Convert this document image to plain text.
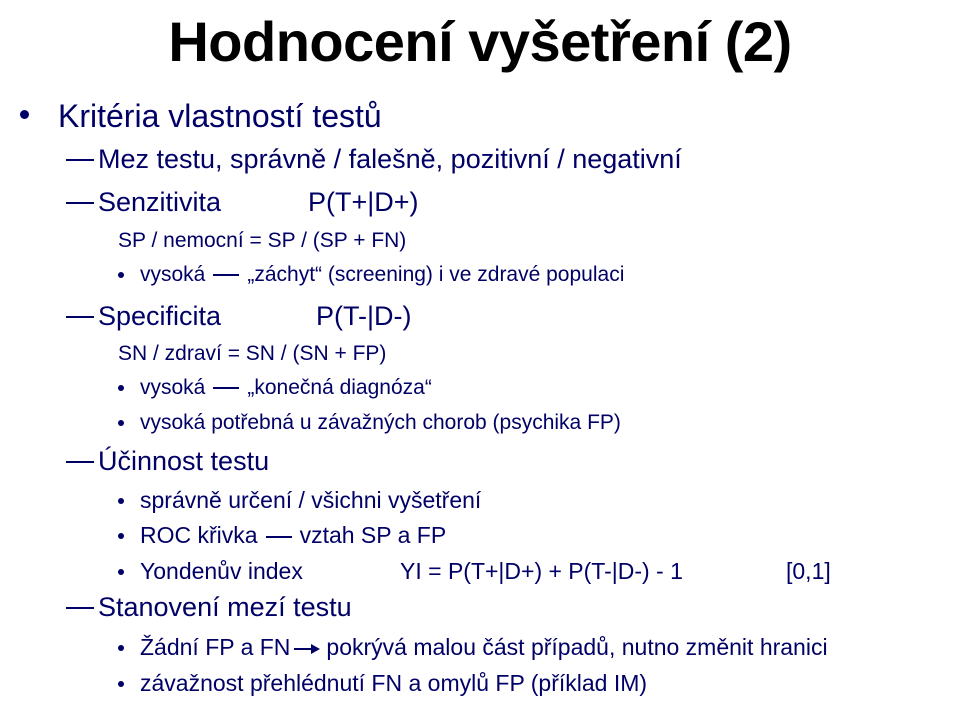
Hodnocení vyšetření (2)
Kritéria vlastností testů
Mez testu, správně / falešně, pozitivní / negativní
Senzitivita	P(T+|D+)
SP / nemocní = SP / (SP + FN)
vysoká „záchyt“ (screening) i ve zdravé populaci
Specificita	P(T-|D-)
SN / zdraví = SN / (SN + FP)
vysoká „konečná diagnóza“
vysoká potřebná u závažných chorob (psychika FP)
Účinnost testu
správně určení / všichni vyšetření
ROC křivka vztah SP a FP
Yondenův index	YI = P(T+|D+) + P(T-|D-) - 1	[0,1]
Stanovení mezí testu
Žádní FP a FN pokrývá malou část případů, nutno změnit hranici
závažnost přehlédnutí FN a omylů FP (příklad IM)
